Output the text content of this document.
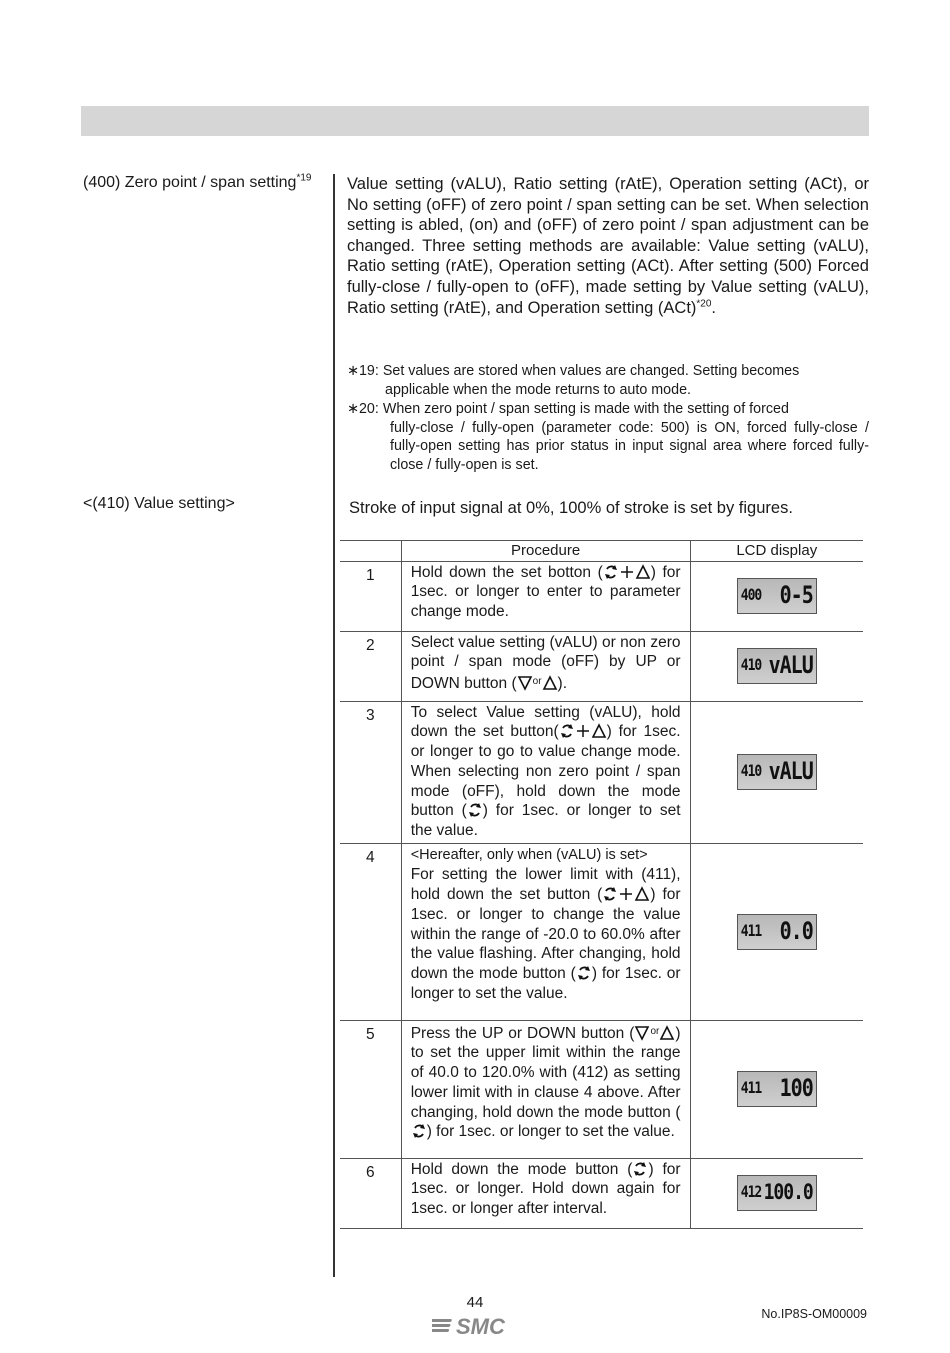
(400) Zero point / span setting$^{*19}$
<(410) Value setting>

Value setting (vALU), Ratio setting (rAtE), Operation setting (ACt), or No setting (oFF) of zero point / span setting can be set. When selection setting is abled, (on) and (oFF) of zero point / span adjustment can be changed. Three setting methods are available: Value setting (vALU), Ratio setting (rAtE), Operation setting (ACt). After setting (500) Forced fully-close / fully-open to (oFF), made setting by Value setting (vALU), Ratio setting (rAtE), and Operation setting (ACt)$^{*20}$.

∗19: Set values are stored when values are changed. Setting becomes
applicable when the mode returns to auto mode.
∗20: When zero point / span setting is made with the setting of forced
fully-close / fully-open (parameter code: 500) is ON, forced fully-close / fully-open setting has prior status in input signal area where forced fully-close / fully-open is set.
Stroke of input signal at 0%, 100% of stroke is set by figures.
	Procedure	LCD display
1	Hold down the set botton ( ) for 1sec. or longer to enter to parameter change mode.	400 0-5

2	Select value setting (vALU) or non zero point / span mode (oFF) by UP or DOWN button ( $^{or}$ ).	410 vALU

3	To select Value setting (vALU), hold down the set button( ) for 1sec. or longer to go to value change mode. When selecting non zero point / span mode (oFF), hold down the mode button ( ) for 1sec. or longer to set the value.	410 vALU

4	<Hereafter, only when (vALU) is set>
For setting the lower limit with (411), hold down the set button ( ) for 1sec. or longer to change the value within the range of -20.0 to 60.0% after the value flashing. After changing, hold down the mode button ( ) for 1sec. or longer to set the value.	411 0.0

5	Press the UP or DOWN button ( $^{or}$ ) to set the upper limit within the range of 40.0 to 120.0% with (412) as setting lower limit with in clause 4 above. After changing, hold down the mode button () for 1sec. or longer to set the value.	411 100

6	Hold down the mode button ( ) for 1sec. or longer. Hold down again for 1sec. or longer after interval.	412 100.0
44
SMC	No.IP8S-OM00009
